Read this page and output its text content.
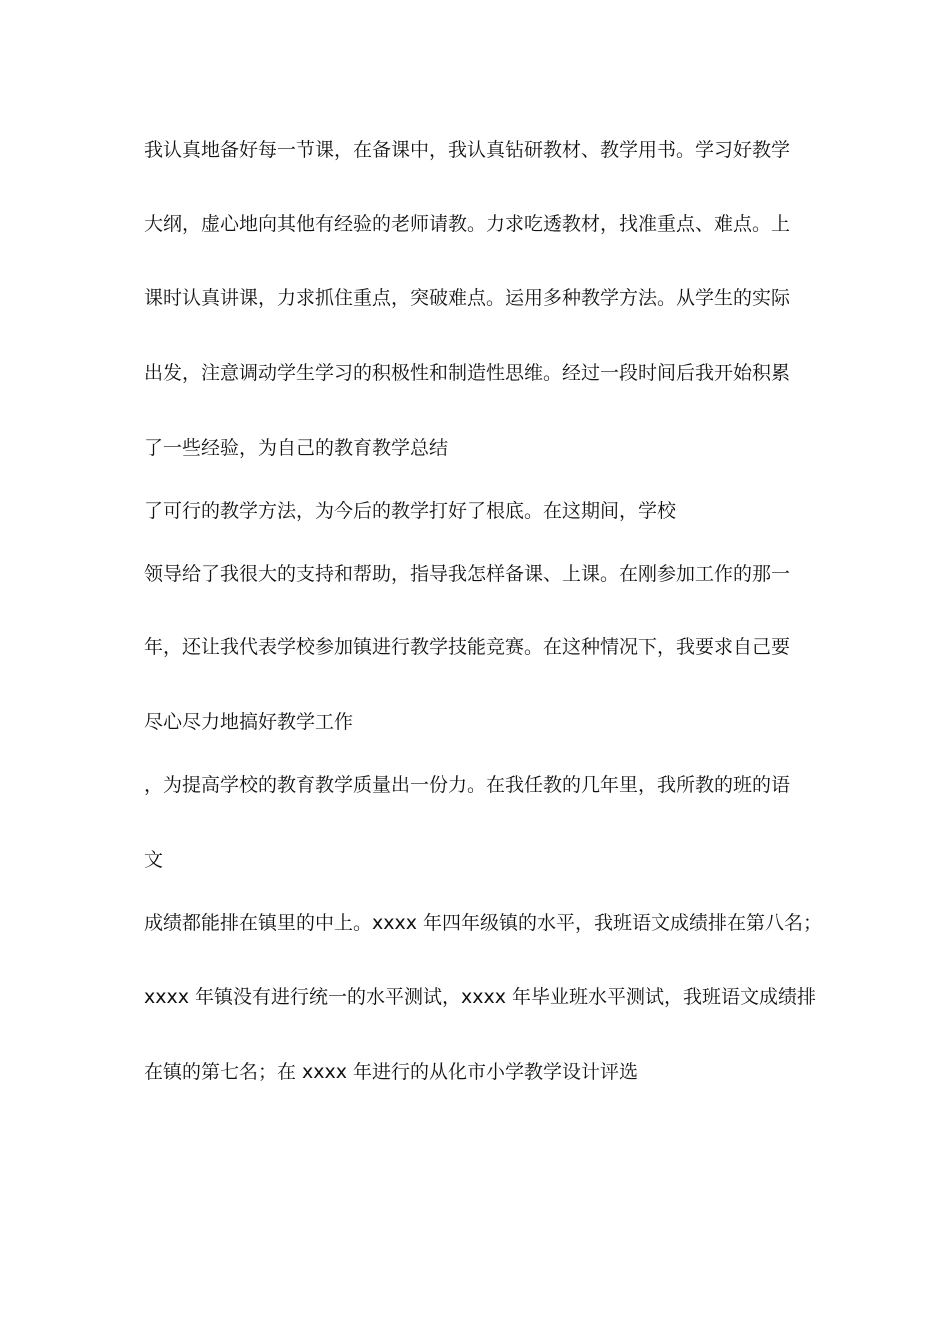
我认真地备好每一节课，在备课中，我认真钻研教材、教学用书。学习好教学

大纲，虚心地向其他有经验的老师请教。力求吃透教材，找准重点、难点。上

课时认真讲课，力求抓住重点，突破难点。运用多种教学方法。从学生的实际

出发，注意调动学生学习的积极性和制造性思维。经过一段时间后我开始积累

了一些经验，为自己的教育教学总结

了可行的教学方法，为今后的教学打好了根底。在这期间，学校

领导给了我很大的支持和帮助，指导我怎样备课、上课。在刚参加工作的那一

年，还让我代表学校参加镇进行教学技能竞赛。在这种情况下，我要求自己要

尽心尽力地搞好教学工作

，为提高学校的教育教学质量出一份力。在我任教的几年里，我所教的班的语

文

成绩都能排在镇里的中上。xxxx 年四年级镇的水平，我班语文成绩排在第八名；

xxxx 年镇没有进行统一的水平测试，xxxx 年毕业班水平测试，我班语文成绩排

在镇的第七名；在 xxxx 年进行的从化市小学教学设计评选
